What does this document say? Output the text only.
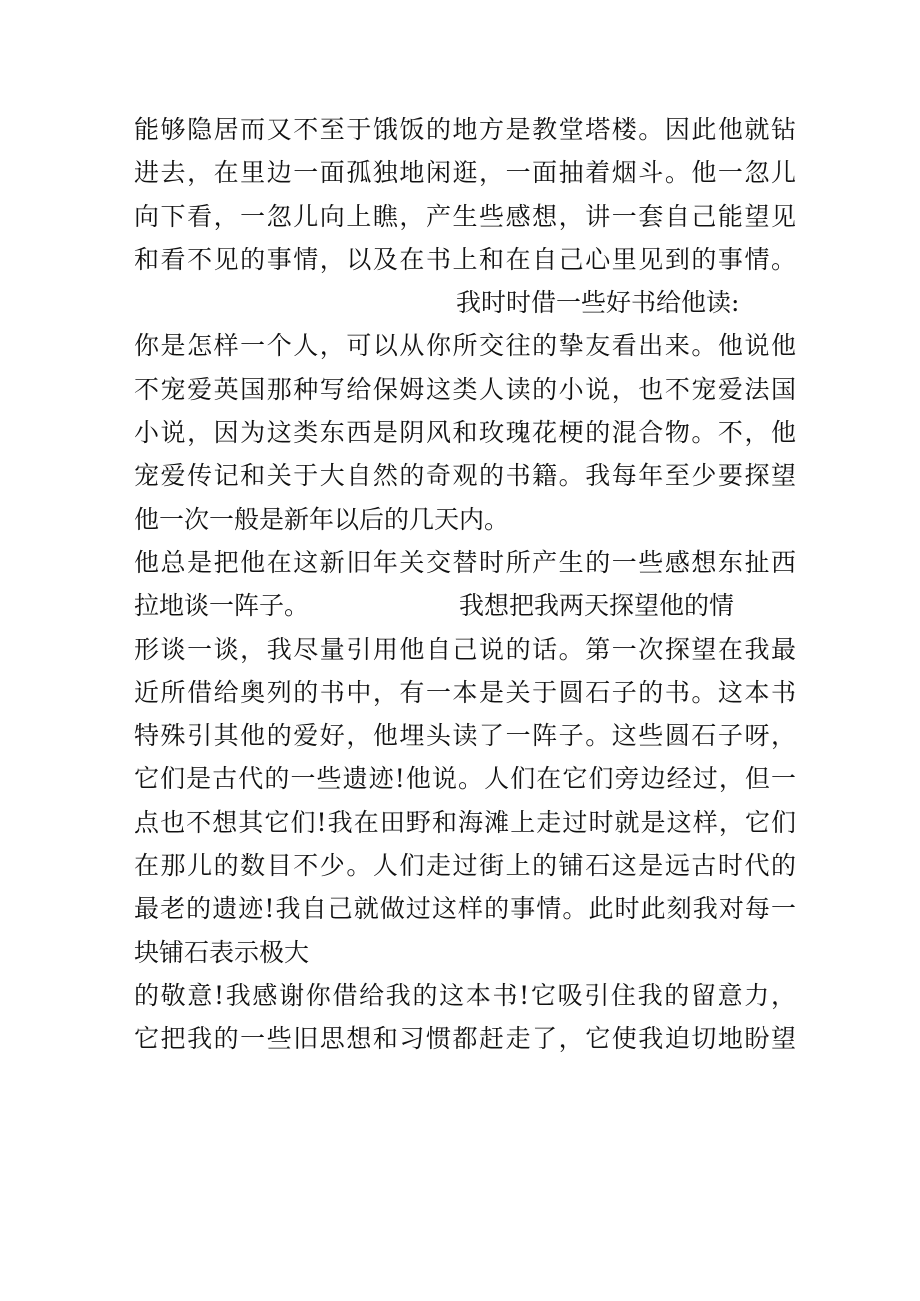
能够隐居而又不至于饿饭的地方是教堂塔楼。因此他就钻
进去，在里边一面孤独地闲逛，一面抽着烟斗。他一忽儿
向下看，一忽儿向上瞧，产生些感想，讲一套自己能望见
和看不见的事情，以及在书上和在自己心里见到的事情。
我时时借一些好书给他读:
你是怎样一个人，可以从你所交往的挚友看出来。他说他
不宠爱英国那种写给保姆这类人读的小说，也不宠爱法国
小说，因为这类东西是阴风和玫瑰花梗的混合物。不，他
宠爱传记和关于大自然的奇观的书籍。我每年至少要探望
他一次一般是新年以后的几天内。
他总是把他在这新旧年关交替时所产生的一些感想东扯西
拉地谈一阵子。	我想把我两天探望他的情
形谈一谈，我尽量引用他自己说的话。第一次探望在我最
近所借给奥列的书中，有一本是关于圆石子的书。这本书
特殊引其他的爱好，他埋头读了一阵子。这些圆石子呀，
它们是古代的一些遗迹!他说。人们在它们旁边经过，但一
点也不想其它们!我在田野和海滩上走过时就是这样，它们
在那儿的数目不少。人们走过街上的铺石这是远古时代的
最老的遗迹!我自己就做过这样的事情。此时此刻我对每一
块铺石表示极大
的敬意!我感谢你借给我的这本书!它吸引住我的留意力，
它把我的一些旧思想和习惯都赶走了，它使我迫切地盼望
